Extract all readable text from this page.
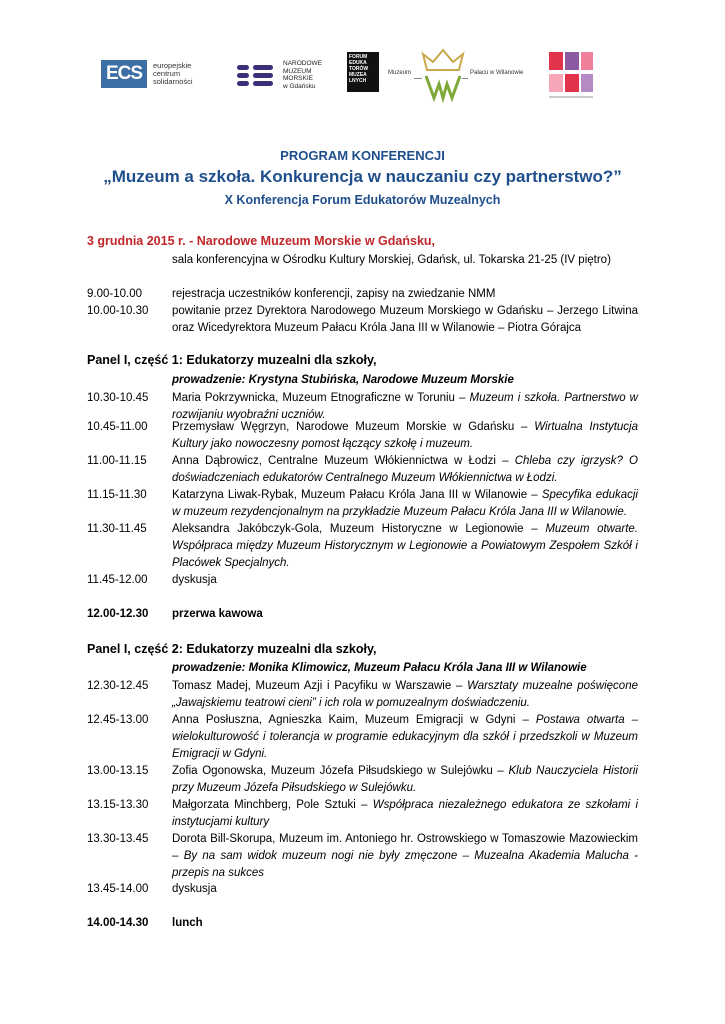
ECS	europejskie
centrum
solidarności
NARODOWE
MUZEUM
MORSKIE
w Gdańsku
FORUM
EDUKA
TORÓW
MUZEA
LNYCH
Muzeum	Pałacu w Wilanowie
PROGRAM KONFERENCJI
„Muzeum a szkoła. Konkurencja w nauczaniu czy partnerstwo?”
X Konferencja Forum Edukatorów Muzealnych
3 grudnia 2015 r. - Narodowe Muzeum Morskie w Gdańsku,
sala konferencyjna w Ośrodku Kultury Morskiej, Gdańsk, ul. Tokarska 21-25 (IV piętro)
9.00-10.00	rejestracja uczestników konferencji, zapisy na zwiedzanie NMM
10.00-10.30 powitanie przez Dyrektora Narodowego Muzeum Morskiego w Gdańsku – Jerzego Litwina oraz Wicedyrektora Muzeum Pałacu Króla Jana III w Wilanowie – Piotra Górajca
Panel I, część 1: Edukatorzy muzealni dla szkoły,
prowadzenie: Krystyna Stubińska, Narodowe Muzeum Morskie
10.30-10.45 Maria Pokrzywnicka, Muzeum Etnograficzne w Toruniu – Muzeum i szkoła. Partnerstwo w rozwijaniu wyobraźni uczniów.
10.45-11.00 Przemysław Węgrzyn, Narodowe Muzeum Morskie w Gdańsku – Wirtualna Instytucja Kultury jako nowoczesny pomost łączący szkołę i muzeum.
11.00-11.15 Anna Dąbrowicz, Centralne Muzeum Włókiennictwa w Łodzi – Chleba czy igrzysk? O doświadczeniach edukatorów Centralnego Muzeum Włókiennictwa w Łodzi.
11.15-11.30 Katarzyna Liwak-Rybak, Muzeum Pałacu Króla Jana III w Wilanowie – Specyfika edukacji w muzeum rezydencjonalnym na przykładzie Muzeum Pałacu Króla Jana III w Wilanowie.
11.30-11.45 Aleksandra Jakóbczyk-Gola, Muzeum Historyczne w Legionowie – Muzeum otwarte. Współpraca między Muzeum Historycznym w Legionowie a Powiatowym Zespołem Szkół i Placówek Specjalnych.
11.45-12.00 dyskusja
12.00-12.30 przerwa kawowa
Panel I, część 2: Edukatorzy muzealni dla szkoły,
prowadzenie: Monika Klimowicz, Muzeum Pałacu Króla Jana III w Wilanowie
12.30-12.45 Tomasz Madej, Muzeum Azji i Pacyfiku w Warszawie – Warsztaty muzealne poświęcone „Jawajskiemu teatrowi cieni” i ich rola w pomuzealnym doświadczeniu.
12.45-13.00 Anna Posłuszna, Agnieszka Kaim, Muzeum Emigracji w Gdyni – Postawa otwarta – wielokulturowość i tolerancja w programie edukacyjnym dla szkół i przedszkoli w Muzeum Emigracji w Gdyni.
13.00-13.15 Zofia Ogonowska, Muzeum Józefa Piłsudskiego w Sulejówku – Klub Nauczyciela Historii przy Muzeum Józefa Piłsudskiego w Sulejówku.
13.15-13.30 Małgorzata Minchberg, Pole Sztuki – Współpraca niezależnego edukatora ze szkołami i instytucjami kultury
13.30-13.45 Dorota Bill-Skorupa, Muzeum im. Antoniego hr. Ostrowskiego w Tomaszowie Mazowieckim – By na sam widok muzeum nogi nie były zmęczone – Muzealna Akademia Malucha - przepis na sukces
13.45-14.00 dyskusja
14.00-14.30 lunch
